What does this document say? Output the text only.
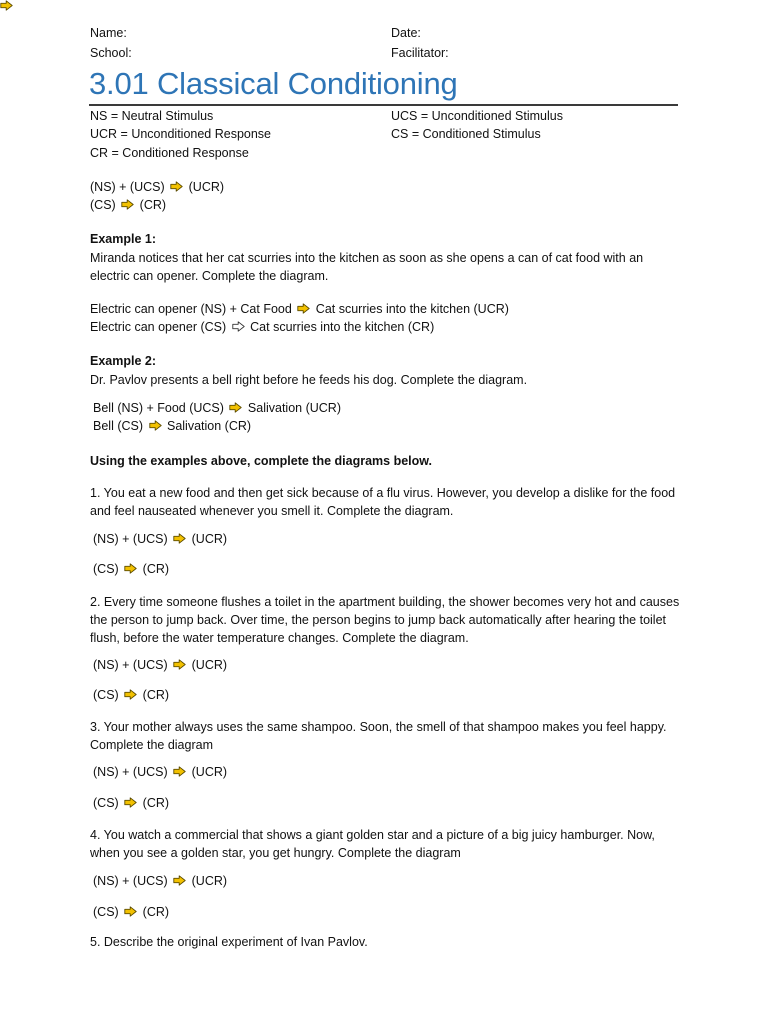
Name:	Date:
School:	Facilitator:
3.01 Classical Conditioning
NS = Neutral Stimulus	UCS = Unconditioned Stimulus
UCR = Unconditioned Response	CS = Conditioned Stimulus
CR = Conditioned Response
(NS) + (UCS) (UCR)
(CS) (CR)
Example 1:
Miranda notices that her cat scurries into the kitchen as soon as she opens a can of cat food with an electric can opener. Complete the diagram.
Electric can opener (NS) + Cat Food Cat scurries into the kitchen (UCR)
Electric can opener (CS) Cat scurries into the kitchen (CR)
Example 2:
Dr. Pavlov presents a bell right before he feeds his dog. Complete the diagram.
Bell (NS) + Food (UCS) Salivation (UCR)
Bell (CS) Salivation (CR)
Using the examples above, complete the diagrams below.
1. You eat a new food and then get sick because of a flu virus. However, you develop a dislike for the food and feel nauseated whenever you smell it. Complete the diagram.
(NS) + (UCS) (UCR)
(CS) (CR)
2. Every time someone flushes a toilet in the apartment building, the shower becomes very hot and causes the person to jump back. Over time, the person begins to jump back automatically after hearing the toilet flush, before the water temperature changes. Complete the diagram.
(NS) + (UCS) (UCR)
(CS) (CR)
3. Your mother always uses the same shampoo. Soon, the smell of that shampoo makes you feel happy. Complete the diagram
(NS) + (UCS) (UCR)
(CS) (CR)
4. You watch a commercial that shows a giant golden star and a picture of a big juicy hamburger. Now, when you see a golden star, you get hungry. Complete the diagram
(NS) + (UCS) (UCR)
(CS) (CR)
5. Describe the original experiment of Ivan Pavlov.
